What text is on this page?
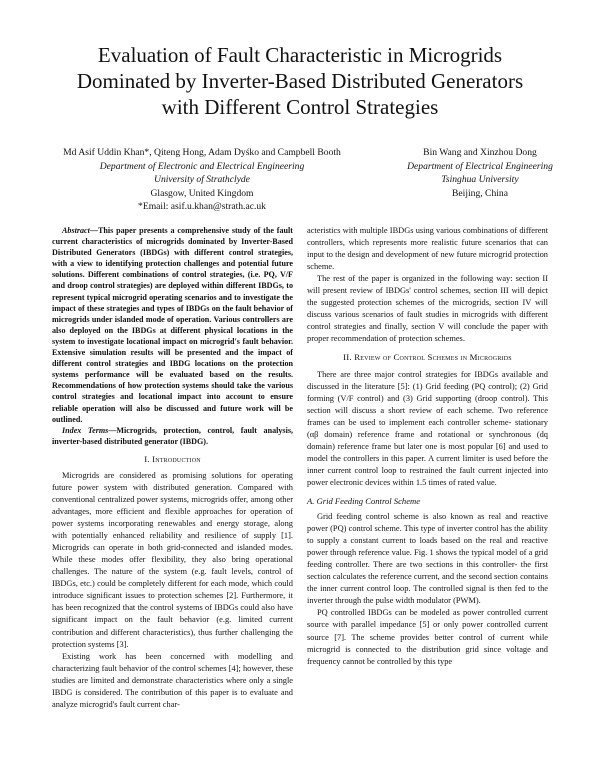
Evaluation of Fault Characteristic in Microgrids
Dominated by Inverter-Based Distributed Generators
with Different Control Strategies
Md Asif Uddin Khan*, Qiteng Hong, Adam Dyśko and Campbell Booth
Department of Electronic and Electrical Engineering
University of Strathclyde
Glasgow, United Kingdom
*Email: asif.u.khan@strath.ac.uk
Bin Wang and Xinzhou Dong
Department of Electrical Engineering
Tsinghua University
Beijing, China

Abstract—This paper presents a comprehensive study of the fault current characteristics of microgrids dominated by Inverter-Based Distributed Generators (IBDGs) with different control strategies, with a view to identifying protection challenges and potential future solutions. Different combinations of control strategies, (i.e. PQ, V/F and droop control strategies) are deployed within different IBDGs, to represent typical microgrid operating scenarios and to investigate the impact of these strategies and types of IBDGs on the fault behavior of microgrids under islanded mode of operation. Various controllers are also deployed on the IBDGs at different physical locations in the system to investigate locational impact on microgrid's fault behavior. Extensive simulation results will be presented and the impact of different control strategies and IBDG locations on the protection systems performance will be evaluated based on the results. Recommendations of how protection systems should take the various control strategies and locational impact into account to ensure reliable operation will also be discussed and future work will be outlined.

Index Terms—Microgrids, protection, control, fault analysis, inverter-based distributed generator (IBDG).

I. Introduction

Microgrids are considered as promising solutions for operating future power system with distributed generation. Compared with conventional centralized power systems, microgrids offer, among other advantages, more efficient and flexible approaches for operation of power systems incorporating renewables and energy storage, along with potentially enhanced reliability and resilience of supply [1]. Microgrids can operate in both grid-connected and islanded modes. While these modes offer flexibility, they also bring operational challenges. The nature of the system (e.g. fault levels, control of IBDGs, etc.) could be completely different for each mode, which could introduce significant issues to protection schemes [2]. Furthermore, it has been recognized that the control systems of IBDGs could also have significant impact on the fault behavior (e.g. limited current contribution and different characteristics), thus further challenging the protection systems [3].

Existing work has been concerned with modelling and characterizing fault behavior of the control schemes [4]; however, these studies are limited and demonstrate characteristics where only a single IBDG is considered. The contribution of this paper is to evaluate and analyze microgrid's fault current char-

acteristics with multiple IBDGs using various combinations of different controllers, which represents more realistic future scenarios that can input to the design and development of new future microgrid protection scheme.

The rest of the paper is organized in the following way: section II will present review of IBDGs' control schemes, section III will depict the suggested protection schemes of the microgrids, section IV will discuss various scenarios of fault studies in microgrids with different control strategies and finally, section V will conclude the paper with proper recommendation of protection schemes.

II. Review of Control Schemes in Microgrids

There are three major control strategies for IBDGs available and discussed in the literature [5]: (1) Grid feeding (PQ control); (2) Grid forming (V/F control) and (3) Grid supporting (droop control). This section will discuss a short review of each scheme. Two reference frames can be used to implement each controller scheme- stationary (αβ domain) reference frame and rotational or synchronous (dq domain) reference frame but later one is most popular [6] and used to model the controllers in this paper. A current limiter is used before the inner current control loop to restrained the fault current injected into power electronic devices within 1.5 times of rated value.

A. Grid Feeding Control Scheme

Grid feeding control scheme is also known as real and reactive power (PQ) control scheme. This type of inverter control has the ability to supply a constant current to loads based on the real and reactive power through reference value. Fig. 1 shows the typical model of a grid feeding controller. There are two sections in this controller- the first section calculates the reference current, and the second section contains the inner current control loop. The controlled signal is then fed to the inverter through the pulse width modulator (PWM).

PQ controlled IBDGs can be modeled as power controlled current source with parallel impedance [5] or only power controlled current source [7]. The scheme provides better control of current while microgrid is connected to the distribution grid since voltage and frequency cannot be controlled by this type
